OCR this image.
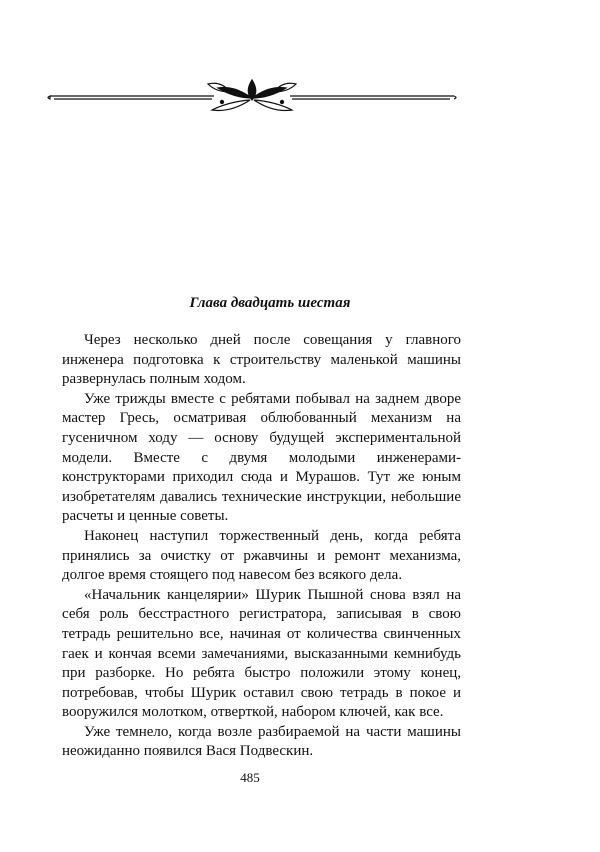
Глава двадцать шестая

Через несколько дней после совещания у главного инженера подготовка к строительству маленькой машины развернулась полным ходом.

Уже трижды вместе с ребятами побывал на заднем дворе мастер Гресь, осматривая облюбованный механизм на гусеничном ходу — основу будущей экспериментальной модели. Вместе с двумя молодыми инженерами-конструкторами приходил сюда и Мурашов. Тут же юным изобретателям давались технические инструкции, небольшие расчеты и ценные советы.

Наконец наступил торжественный день, когда ребята принялись за очистку от ржавчины и ремонт механизма, долгое время стоящего под навесом без всякого дела.

«Начальник канцелярии» Шурик Пышной снова взял на себя роль бесстрастного регистратора, записывая в свою тетрадь решительно все, начиная от количества свинченных гаек и кончая всеми замечаниями, высказанными кемнибудь при разборке. Но ребята быстро положили этому конец, потребовав, чтобы Шурик оставил свою тетрадь в покое и вооружился молотком, отверткой, набором ключей, как все.

Уже темнело, когда возле разбираемой на части машины неожиданно появился Вася Подвескин.

485
